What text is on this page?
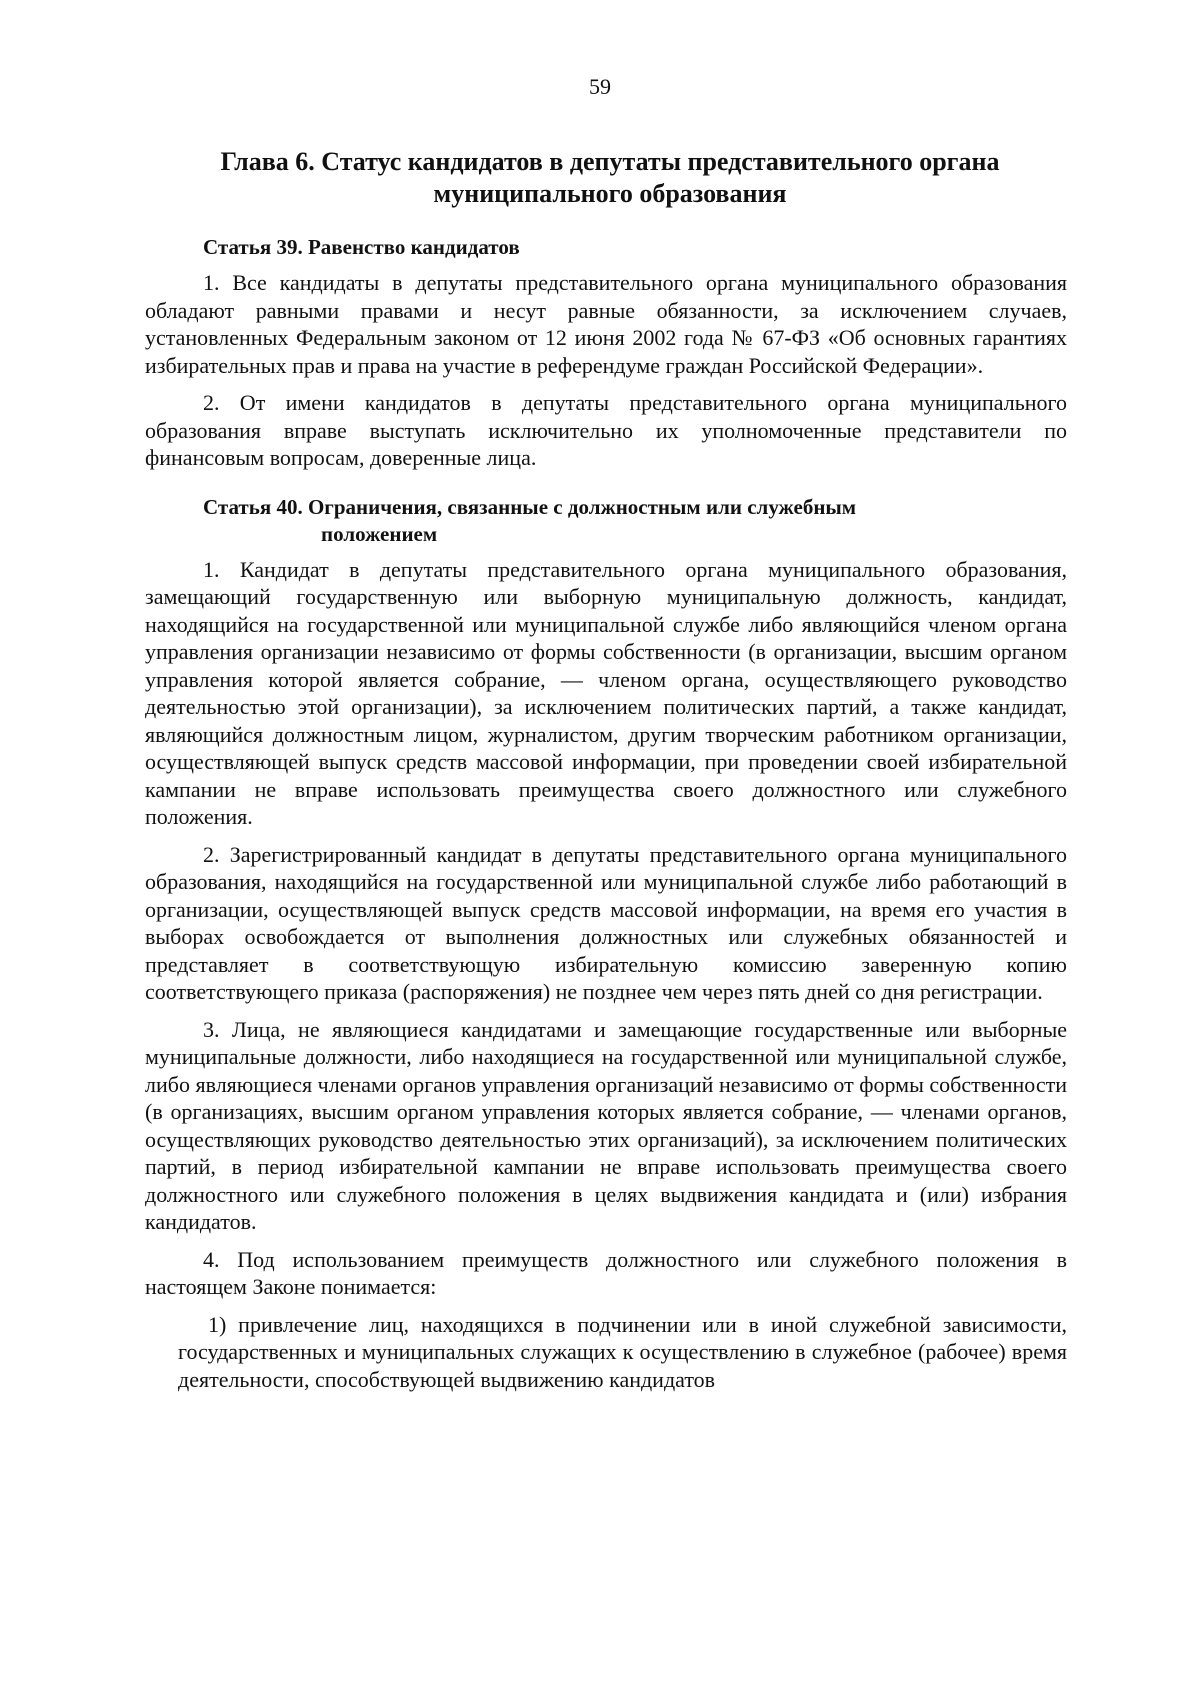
59
Глава 6. Статус кандидатов в депутаты представительного органа
муниципального образования
Статья 39. Равенство кандидатов

1. Все кандидаты в депутаты представительного органа муниципального образования обладают равными правами и несут равные обязанности, за исключением случаев, установленных Федеральным законом от 12 июня 2002 года № 67-ФЗ «Об основных гарантиях избирательных прав и права на участие в референдуме граждан Российской Федерации».

2. От имени кандидатов в депутаты представительного органа муниципального образования вправе выступать исключительно их уполномоченные представители по финансовым вопросам, доверенные лица.

Статья 40. Ограничения, связанные с должностным или служебным
положением

1. Кандидат в депутаты представительного органа муниципального образования, замещающий государственную или выборную муниципальную должность, кандидат, находящийся на государственной или муниципальной службе либо являющийся членом органа управления организации независимо от формы собственности (в организации, высшим органом управления которой является собрание, — членом органа, осуществляющего руководство деятельностью этой организации), за исключением политических партий, а также кандидат, являющийся должностным лицом, журналистом, другим творческим работником организации, осуществляющей выпуск средств массовой информации, при проведении своей избирательной кампании не вправе использовать преимущества своего должностного или служебного положения.

2. Зарегистрированный кандидат в депутаты представительного органа муниципального образования, находящийся на государственной или муниципальной службе либо работающий в организации, осуществляющей выпуск средств массовой информации, на время его участия в выборах освобождается от выполнения должностных или служебных обязанностей и представляет в соответствующую избирательную комиссию заверенную копию соответствующего приказа (распоряжения) не позднее чем через пять дней со дня регистрации.

3. Лица, не являющиеся кандидатами и замещающие государственные или выборные муниципальные должности, либо находящиеся на государственной или муниципальной службе, либо являющиеся членами органов управления организаций независимо от формы собственности (в организациях, высшим органом управления которых является собрание, — членами органов, осуществляющих руководство деятельностью этих организаций), за исключением политических партий, в период избирательной кампании не вправе использовать преимущества своего должностного или служебного положения в целях выдвижения кандидата и (или) избрания кандидатов.

4. Под использованием преимуществ должностного или служебного положения в настоящем Законе понимается:

1) привлечение лиц, находящихся в подчинении или в иной служебной зависимости, государственных и муниципальных служащих к осуществлению в служебное (рабочее) время деятельности, способствующей выдвижению кандидатов
